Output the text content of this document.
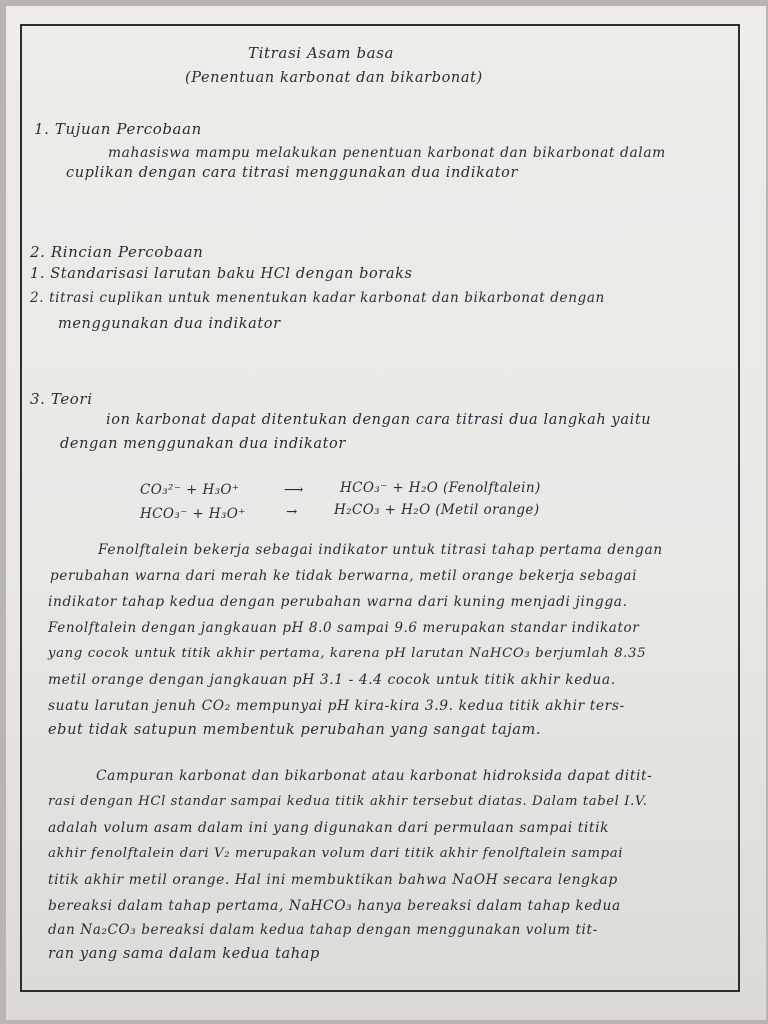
Titrasi Asam basa
(Penentuan karbonat dan bikarbonat)
1. Tujuan Percobaan
mahasiswa mampu melakukan penentuan karbonat dan bikarbonat dalam
cuplikan dengan cara titrasi menggunakan dua indikator
2. Rincian Percobaan
1. Standarisasi larutan baku HCl dengan boraks
2. titrasi cuplikan untuk menentukan kadar karbonat dan bikarbonat dengan
menggunakan dua indikator
3. Teori
ion karbonat dapat ditentukan dengan cara titrasi dua langkah yaitu
dengan menggunakan dua indikator
CO₃²⁻ + H₃O⁺	⟶	HCO₃⁻ + H₂O (Fenolftalein)
HCO₃⁻ + H₃O⁺	→	H₂CO₃ + H₂O (Metil orange)
Fenolftalein bekerja sebagai indikator untuk titrasi tahap pertama dengan
perubahan warna dari merah ke tidak berwarna, metil orange bekerja sebagai
indikator tahap kedua dengan perubahan warna dari kuning menjadi jingga.
Fenolftalein dengan jangkauan pH 8.0 sampai 9.6 merupakan standar indikator
yang cocok untuk titik akhir pertama, karena pH larutan NaHCO₃ berjumlah 8.35
metil orange dengan jangkauan pH 3.1 - 4.4 cocok untuk titik akhir kedua.
suatu larutan jenuh CO₂ mempunyai pH kira-kira 3.9. kedua titik akhir ters-
ebut tidak satupun membentuk perubahan yang sangat tajam.
Campuran karbonat dan bikarbonat atau karbonat hidroksida dapat ditit-
rasi dengan HCl standar sampai kedua titik akhir tersebut diatas. Dalam tabel I.V.
adalah volum asam dalam ini yang digunakan dari permulaan sampai titik
akhir fenolftalein dari V₂ merupakan volum dari titik akhir fenolftalein sampai
titik akhir metil orange. Hal ini membuktikan bahwa NaOH secara lengkap
bereaksi dalam tahap pertama, NaHCO₃ hanya bereaksi dalam tahap kedua
dan Na₂CO₃ bereaksi dalam kedua tahap dengan menggunakan volum tit-
ran yang sama dalam kedua tahap
